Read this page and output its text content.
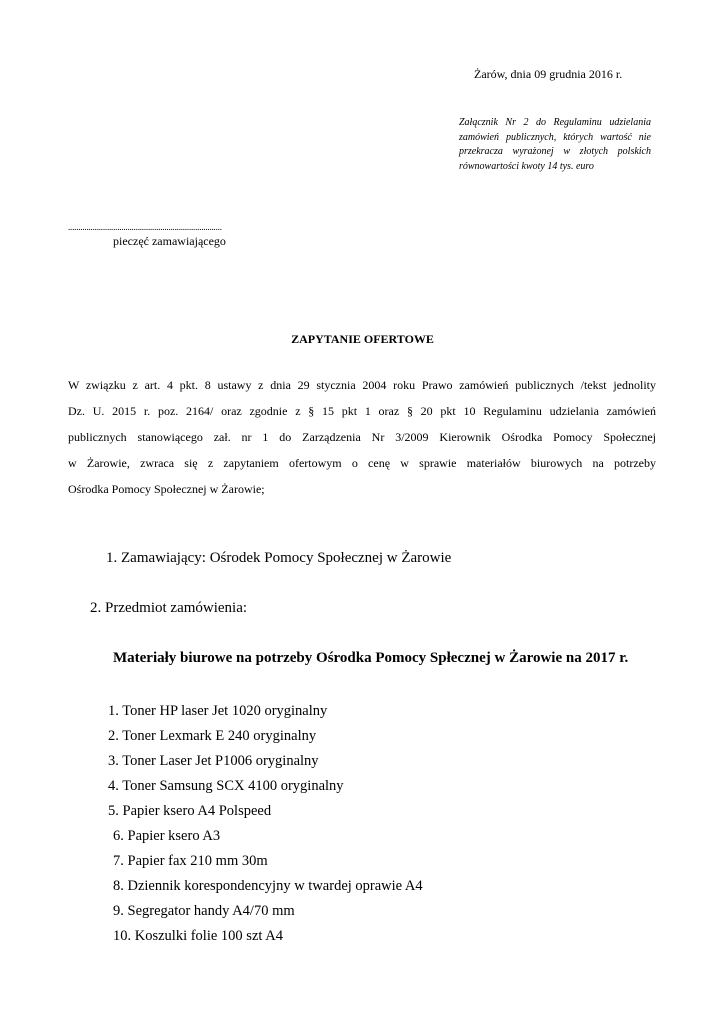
Żarów, dnia 09 grudnia 2016 r.
Załącznik Nr 2 do Regulaminu udzielania
zamówień publicznych, których wartość nie
przekracza wyrażonej w złotych polskich
równowartości kwoty 14 tys. euro
...........................................................................
pieczęć zamawiającego
ZAPYTANIE OFERTOWE
W związku z art. 4 pkt. 8 ustawy z dnia 29 stycznia 2004 roku Prawo zamówień publicznych /tekst jednolity
Dz. U. 2015 r. poz. 2164/ oraz zgodnie z § 15 pkt 1 oraz § 20 pkt 10 Regulaminu udzielania zamówień
publicznych stanowiącego zał. nr 1 do Zarządzenia Nr 3/2009 Kierownik Ośrodka Pomocy Społecznej
w Żarowie, zwraca się z zapytaniem ofertowym o cenę w sprawie materiałów biurowych na potrzeby
Ośrodka Pomocy Społecznej w Żarowie;
1. Zamawiający: Ośrodek Pomocy Społecznej w Żarowie
2. Przedmiot zamówienia:
Materiały biurowe na potrzeby Ośrodka Pomocy Spłecznej w Żarowie na 2017 r.
1. Toner HP laser Jet 1020 oryginalny
2. Toner Lexmark E 240 oryginalny
3. Toner Laser Jet P1006 oryginalny
4. Toner Samsung SCX 4100 oryginalny
5. Papier ksero A4 Polspeed
6. Papier ksero A3
7. Papier fax 210 mm 30m
8. Dziennik korespondencyjny w twardej oprawie A4
9. Segregator handy A4/70 mm
10. Koszulki folie 100 szt A4
